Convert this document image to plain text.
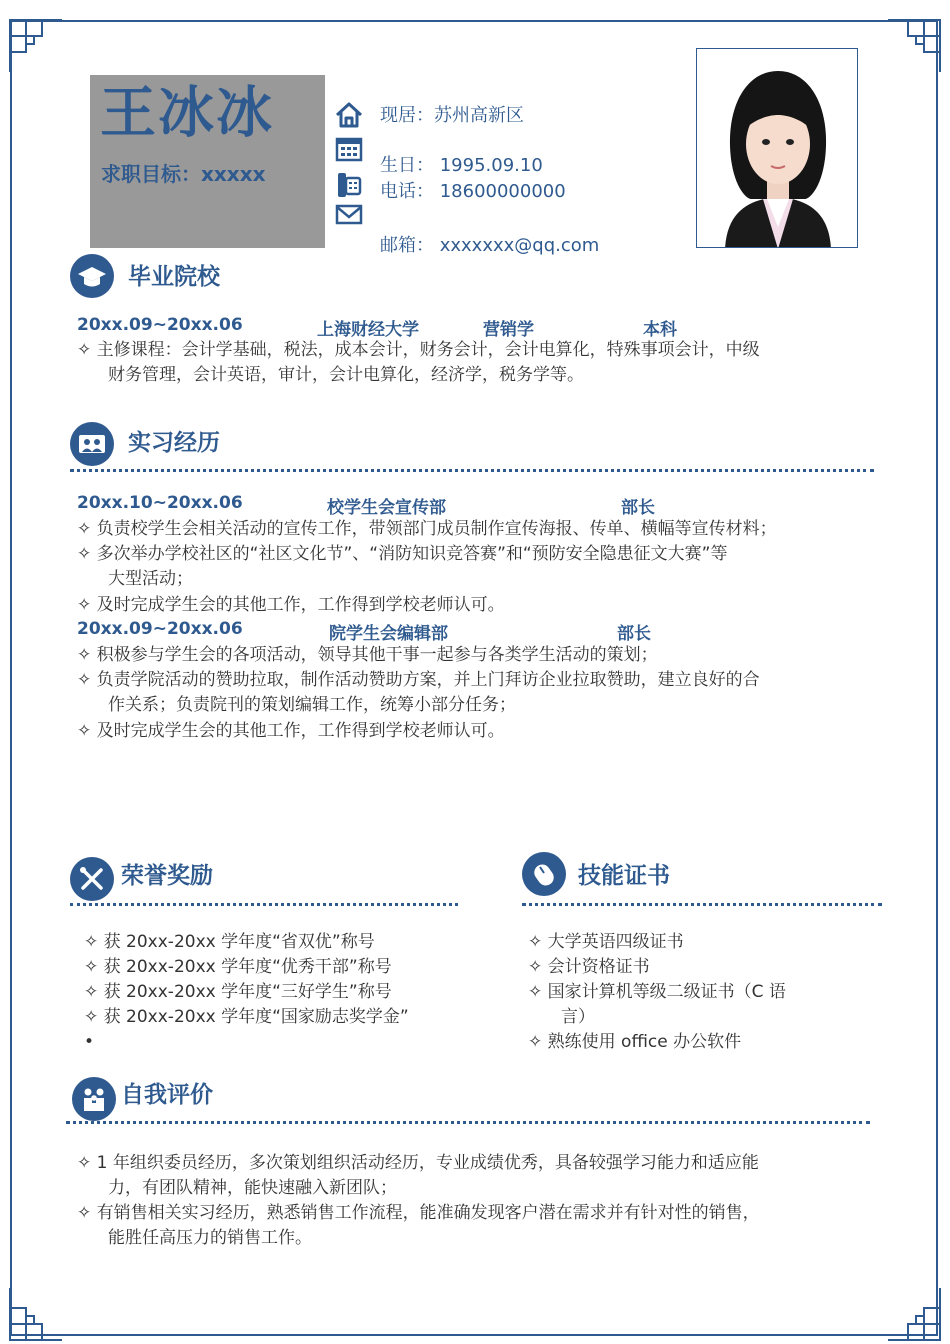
王冰冰
求职目标：xxxxx
现居：苏州高新区
生日： 1995.09.10
电话： 18600000000
邮箱： xxxxxxx@qq.com
毕业院校
20xx.09~20xx.06	上海财经大学	营销学	本科
✧ 主修课程：会计学基础，税法，成本会计，财务会计，会计电算化，特殊事项会计，中级
财务管理，会计英语，审计，会计电算化，经济学，税务学等。
实习经历
20xx.10~20xx.06	校学生会宣传部	部长
✧ 负责校学生会相关活动的宣传工作，带领部门成员制作宣传海报、传单、横幅等宣传材料；
✧ 多次举办学校社区的“社区文化节”、“消防知识竞答赛”和“预防安全隐患征文大赛”等
大型活动；
✧ 及时完成学生会的其他工作，工作得到学校老师认可。
20xx.09~20xx.06	院学生会编辑部	部长
✧ 积极参与学生会的各项活动，领导其他干事一起参与各类学生活动的策划；
✧ 负责学院活动的赞助拉取，制作活动赞助方案，并上门拜访企业拉取赞助，建立良好的合
作关系；负责院刊的策划编辑工作，统筹小部分任务；
✧ 及时完成学生会的其他工作，工作得到学校老师认可。
荣誉奖励
✧ 获 20xx-20xx 学年度“省双优”称号
✧ 获 20xx-20xx 学年度“优秀干部”称号
✧ 获 20xx-20xx 学年度“三好学生”称号
✧ 获 20xx-20xx 学年度“国家励志奖学金”
•
技能证书
✧ 大学英语四级证书
✧ 会计资格证书
✧ 国家计算机等级二级证书（C 语
言）
✧ 熟练使用 office 办公软件
自我评价
✧ 1 年组织委员经历，多次策划组织活动经历，专业成绩优秀，具备较强学习能力和适应能
力，有团队精神，能快速融入新团队；
✧ 有销售相关实习经历，熟悉销售工作流程，能准确发现客户潜在需求并有针对性的销售，
能胜任高压力的销售工作。
